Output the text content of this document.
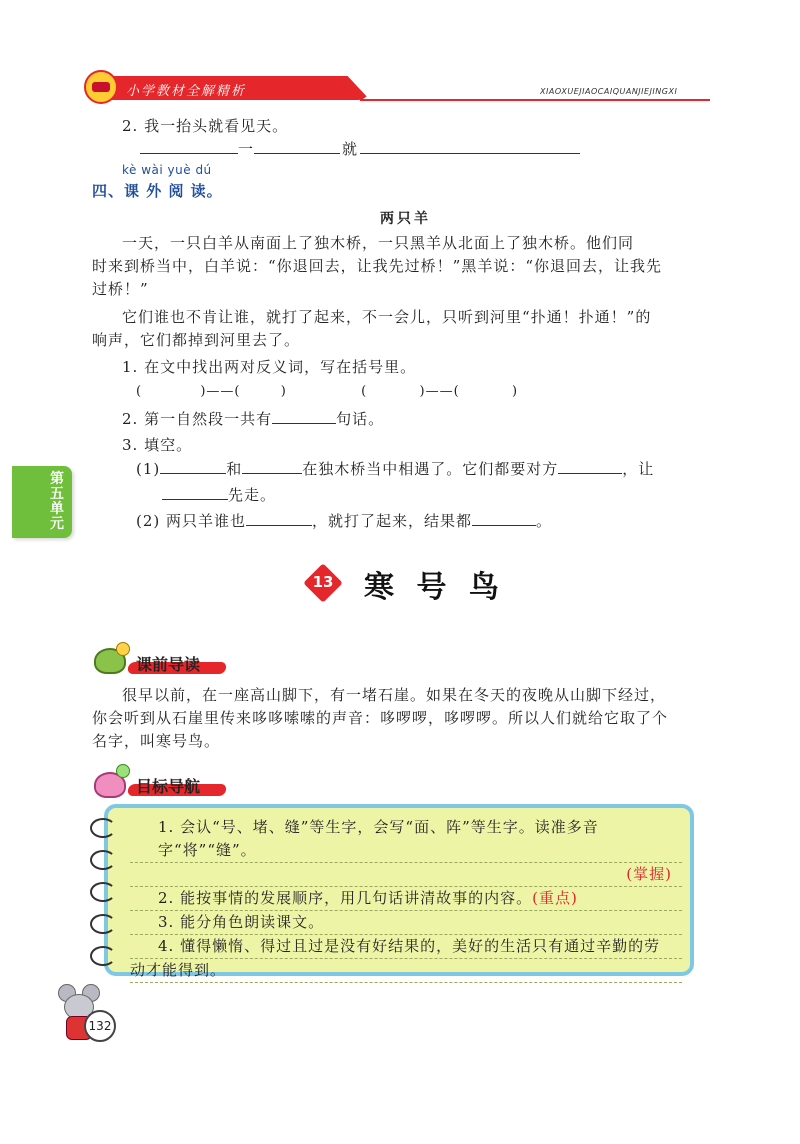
小学教材全解精析	XIAOXUEJIAOCAIQUANJIEJINGXI
2. 我一抬头就看见天。
一	就
kè wài yuè dú
四、课 外 阅 读。
两只羊
一天，一只白羊从南面上了独木桥，一只黑羊从北面上了独木桥。他们同
时来到桥当中，白羊说：“你退回去，让我先过桥！”黑羊说：“你退回去，让我先
过桥！”
它们谁也不肯让谁，就打了起来，不一会儿，只听到河里“扑通！扑通！”的
响声，它们都掉到河里去了。
1. 在文中找出两对反义词，写在括号里。
(	)——(	)	(	)——(	)
2. 第一自然段一共有	句话。
3. 填空。
(1)	和	在独木桥当中相遇了。它们都要对方	，让
先走。
(2) 两只羊谁也	，就打了起来，结果都	。
第五单元
13 寒 号 鸟
课前导读
很早以前，在一座高山脚下，有一堵石崖。如果在冬天的夜晚从山脚下经过，
你会听到从石崖里传来哆哆嗦嗦的声音：哆啰啰，哆啰啰。所以人们就给它取了个
名字，叫寒号鸟。
目标导航
1. 会认“号、堵、缝”等生字，会写“面、阵”等生字。读准多音字“将”“缝”。
(掌握)
2. 能按事情的发展顺序，用几句话讲清故事的内容。(重点)
3. 能分角色朗读课文。
4. 懂得懒惰、得过且过是没有好结果的，美好的生活只有通过辛勤的劳
动才能得到。
132
